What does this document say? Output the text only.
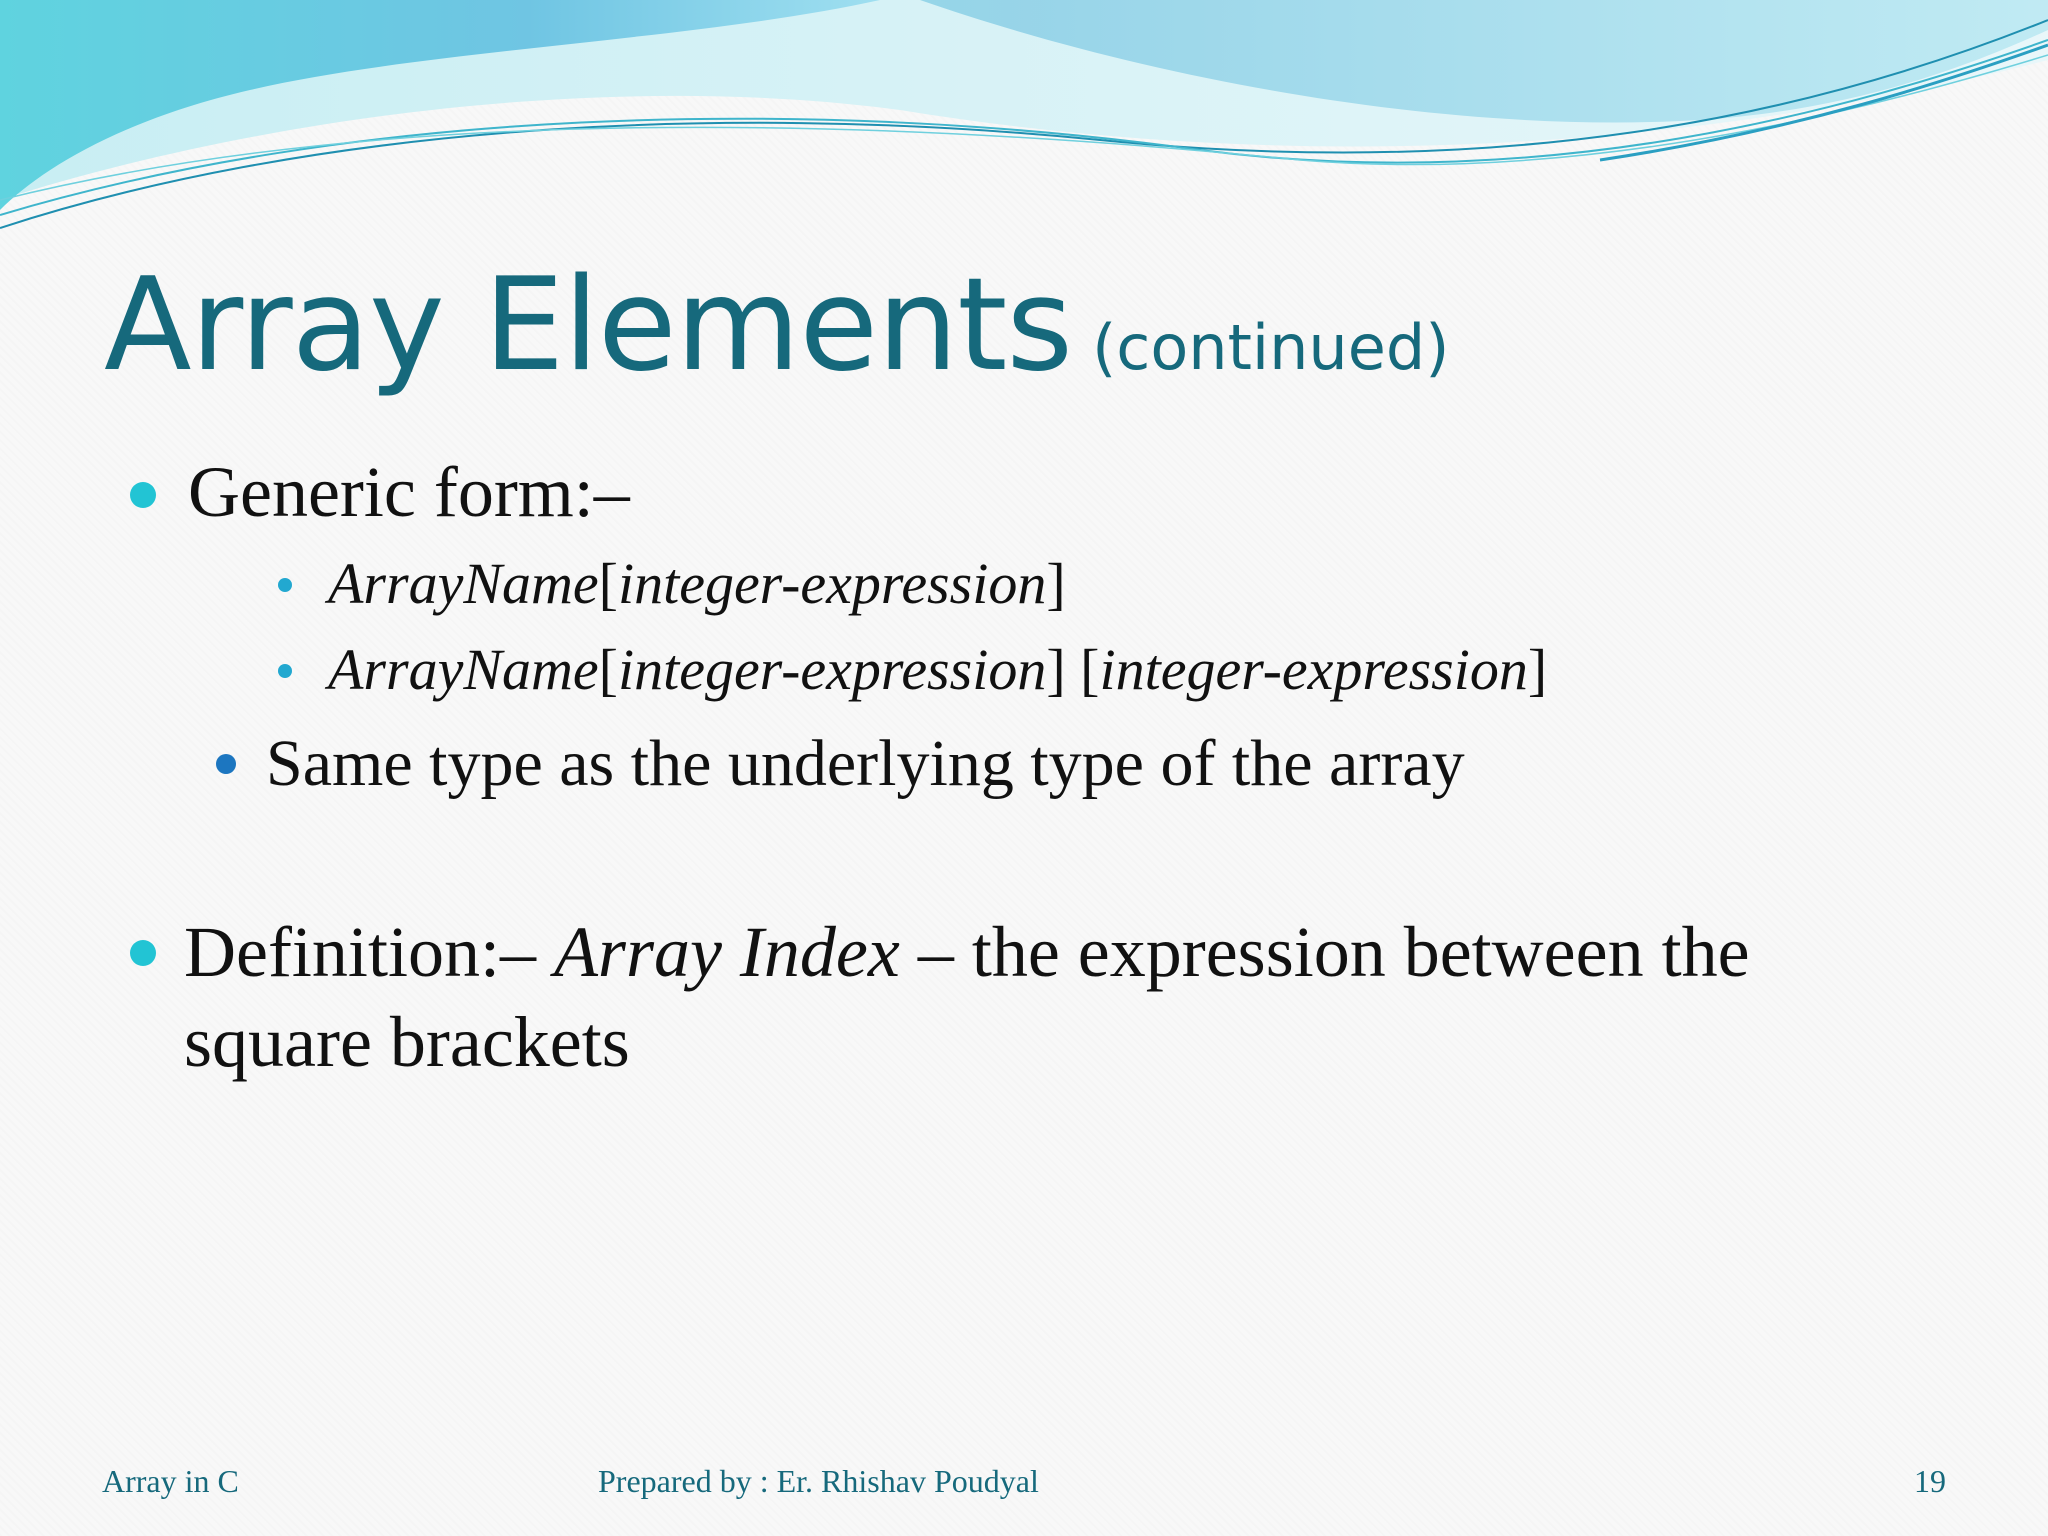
Array Elements (continued)
Generic form:–
ArrayName[integer-expression]
ArrayName[integer-expression] [integer-expression]
Same type as the underlying type of the array
Definition:– Array Index – the expression between the
square brackets
Array in C	Prepared by : Er. Rhishav Poudyal	19
